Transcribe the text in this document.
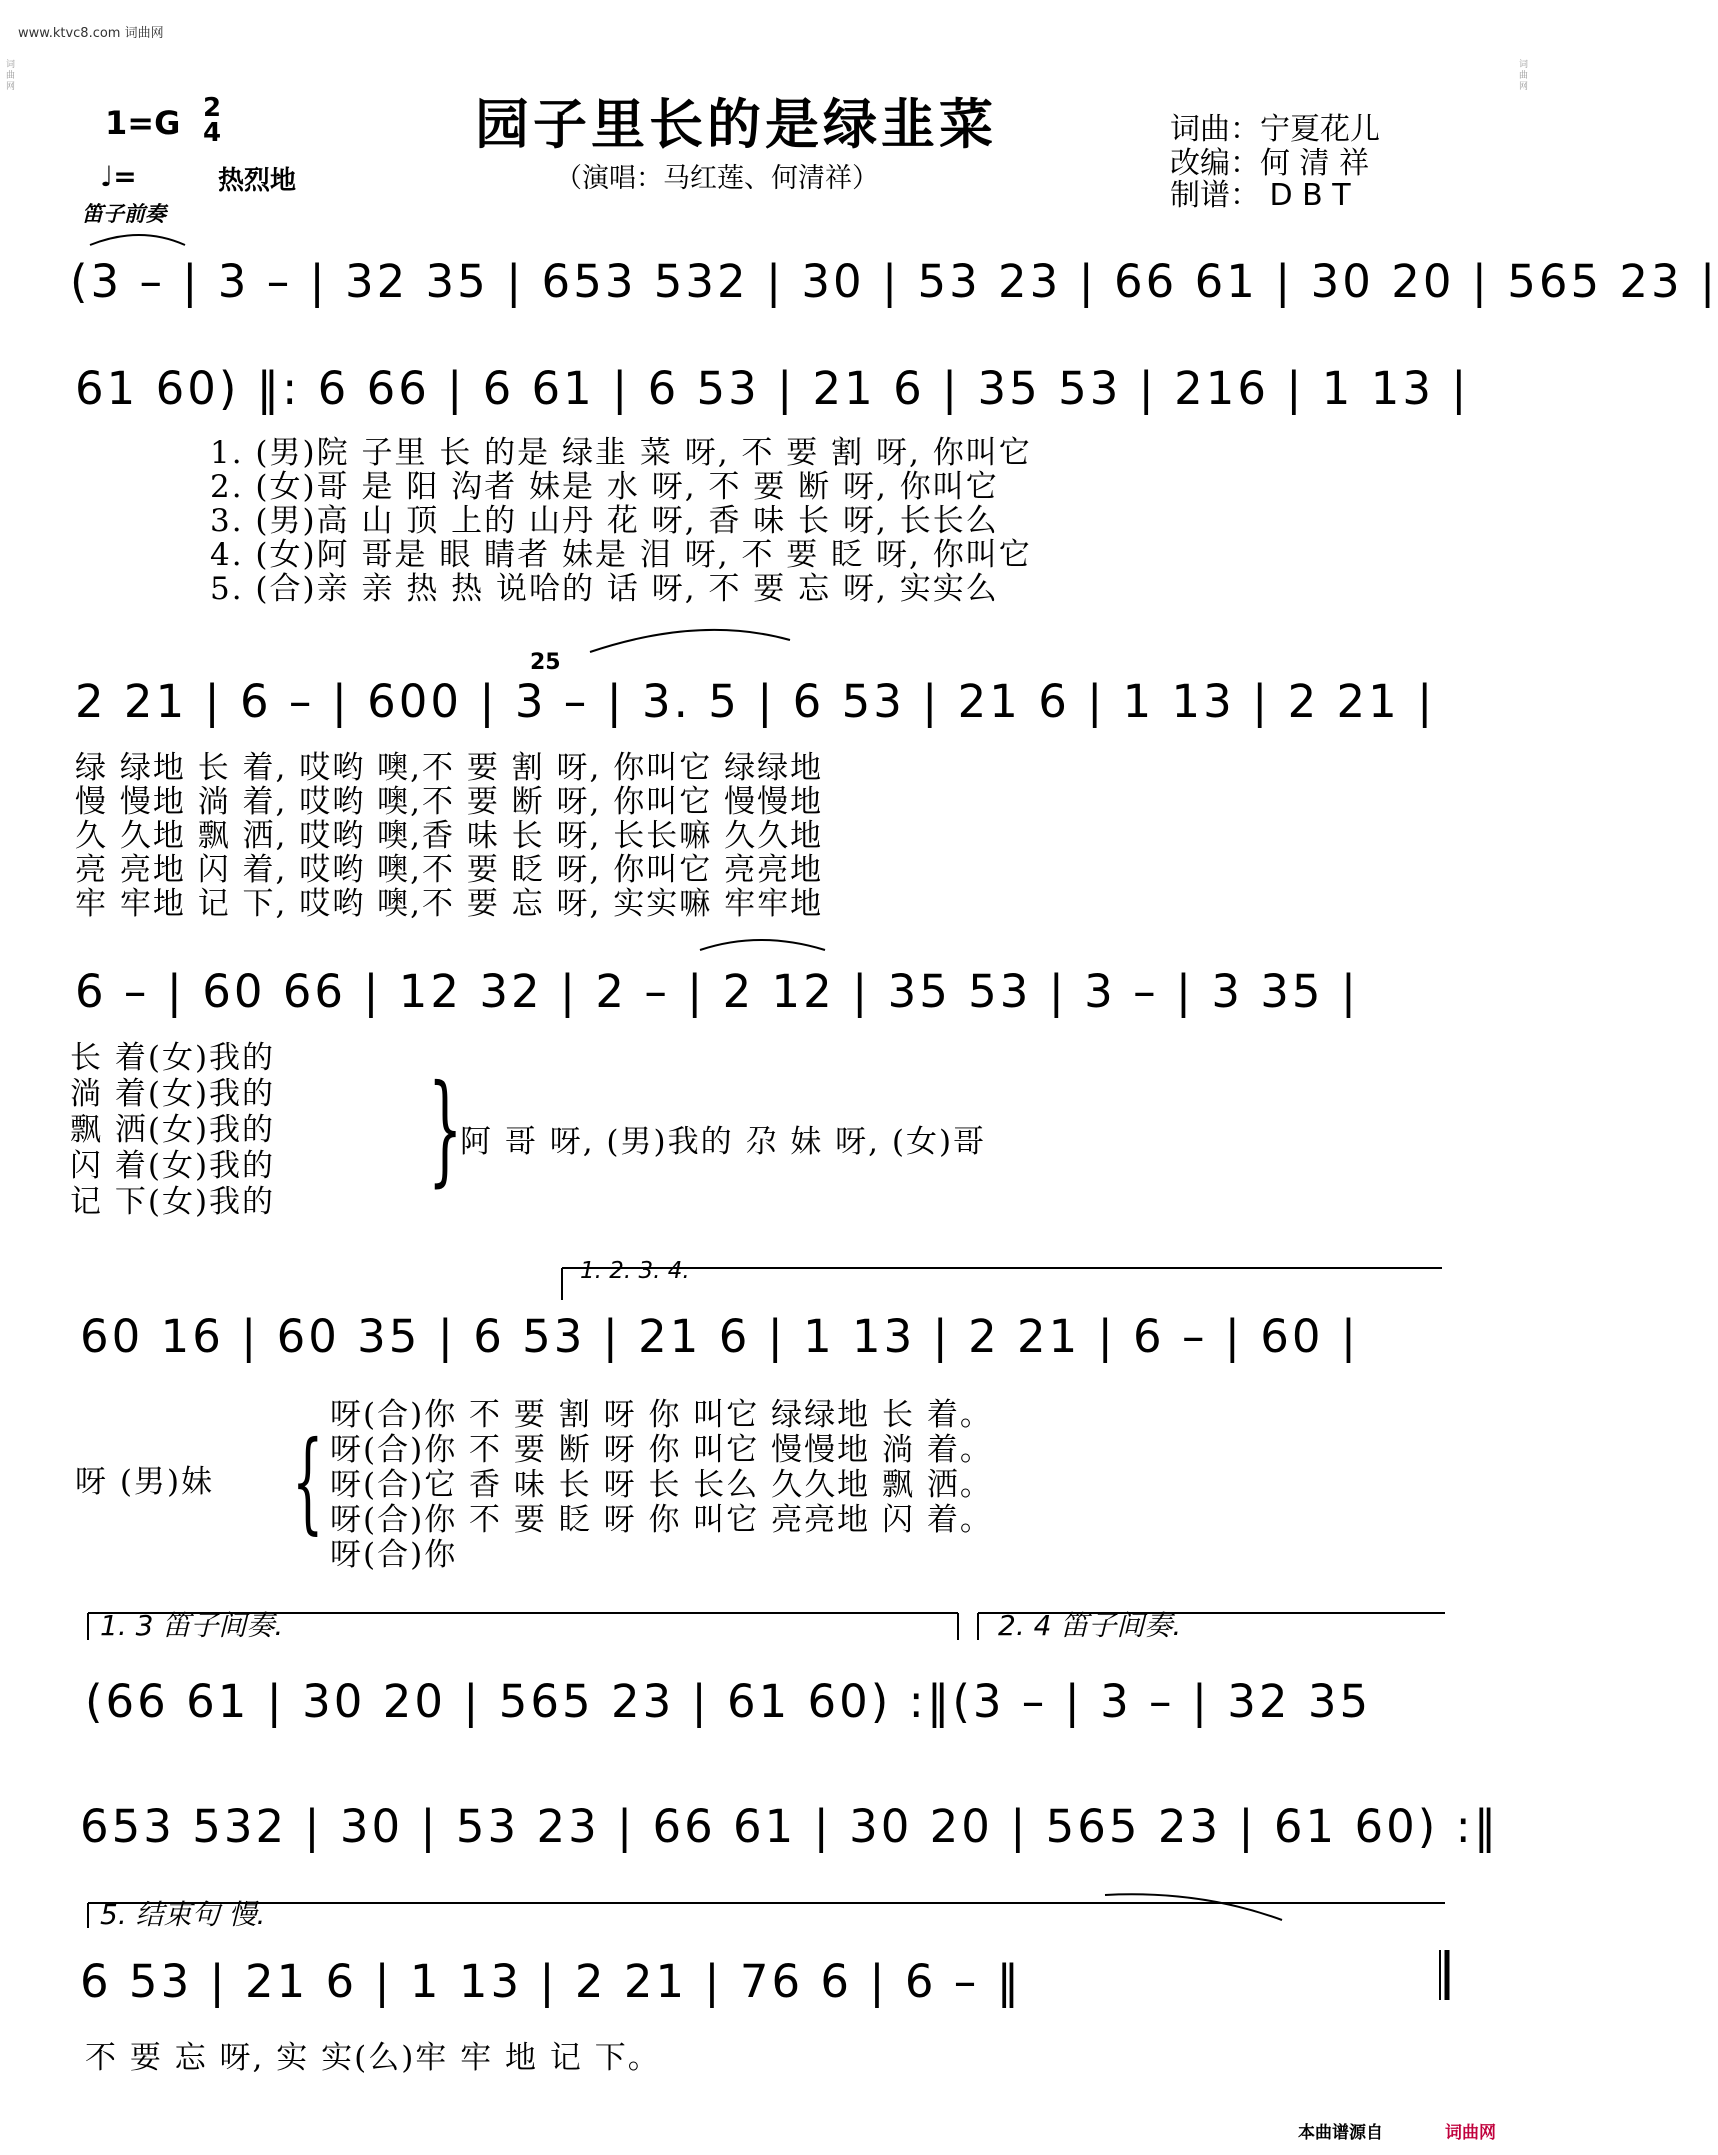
词
曲
网
词
曲
网
www.ktvc8.com 词曲网
1=G 2
4
♩=	热烈地
园子里长的是绿韭菜
（演唱：马红莲、何清祥）
词曲：宁夏花儿
改编：何 清 祥
制谱： D B T
笛子前奏
(3 – | 3 – | 32 35 | 653 532 | 30 | 53 23 | 66 61 | 30 20 | 565 23 |
61 60) ‖: 6 66 | 6 61 | 6 53 | 21 6 | 35 53 | 216 | 1 13 |
1. (男)院 子里 长 的是 绿韭 菜 呀, 不 要 割 呀, 你叫它
2. (女)哥 是 阳 沟者 妹是 水 呀, 不 要 断 呀, 你叫它
3. (男)高 山 顶 上的 山丹 花 呀, 香 味 长 呀, 长长么
4. (女)阿 哥是 眼 睛者 妹是 泪 呀, 不 要 眨 呀, 你叫它
5. (合)亲 亲 热 热 说哈的 话 呀, 不 要 忘 呀, 实实么
25
2 21 | 6 – | 600 | 3 – | 3. 5 | 6 53 | 21 6 | 1 13 | 2 21 |
绿 绿地 长 着, 哎哟 噢,不 要 割 呀, 你叫它 绿绿地
慢 慢地 淌 着, 哎哟 噢,不 要 断 呀, 你叫它 慢慢地
久 久地 飘 洒, 哎哟 噢,香 味 长 呀, 长长嘛 久久地
亮 亮地 闪 着, 哎哟 噢,不 要 眨 呀, 你叫它 亮亮地
牢 牢地 记 下, 哎哟 噢,不 要 忘 呀, 实实嘛 牢牢地
6 – | 60 66 | 12 32 | 2 – | 2 12 | 35 53 | 3 – | 3 35 |
长 着(女)我的
淌 着(女)我的
飘 洒(女)我的
闪 着(女)我的
记 下(女)我的
}
阿 哥 呀, (男)我的 尕 妹 呀, (女)哥
1. 2. 3. 4.
60 16 | 60 35 | 6 53 | 21 6 | 1 13 | 2 21 | 6 – | 60 |
呀 (男)妹 {
呀(合)你 不 要 割 呀 你 叫它 绿绿地 长 着。
呀(合)你 不 要 断 呀 你 叫它 慢慢地 淌 着。
呀(合)它 香 味 长 呀 长 长么 久久地 飘 洒。
呀(合)你 不 要 眨 呀 你 叫它 亮亮地 闪 着。
呀(合)你
1. 3 笛子间奏.	2. 4 笛子间奏.
(66 61 | 30 20 | 565 23 | 61 60) :‖(3 – | 3 – | 32 35
653 532 | 30 | 53 23 | 66 61 | 30 20 | 565 23 | 61 60) :‖
5. 结束句 慢.
6 53 | 21 6 | 1 13 | 2 21 | 76 6 | 6 – ‖
不 要 忘 呀, 实 实(么)牢 牢 地 记 下。
本曲谱源自	词曲网
